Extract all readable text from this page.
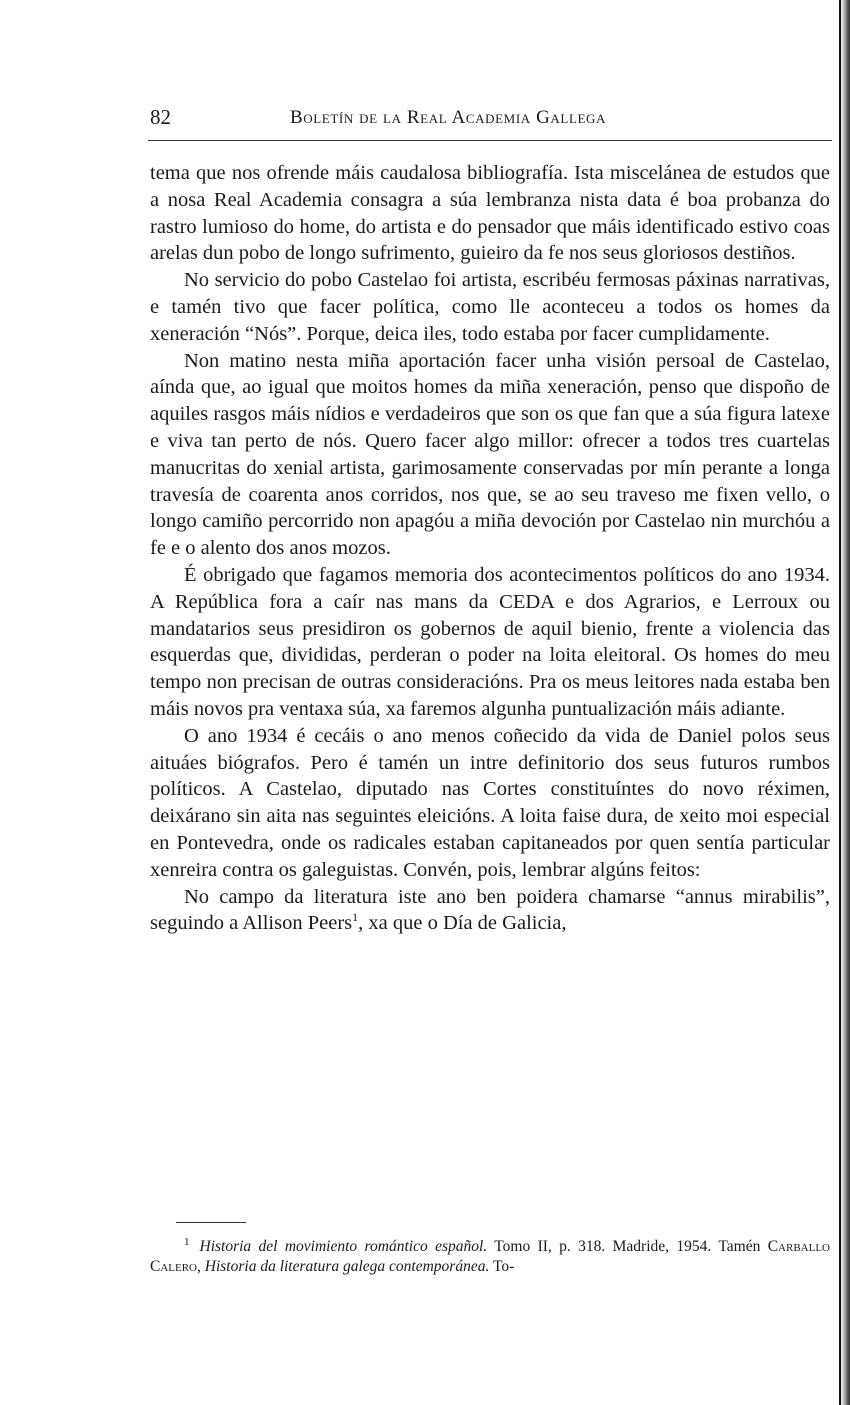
82	Boletín de la Real Academia Gallega

tema que nos ofrende máis caudalosa bibliografía. Ista miscelánea de estudos que a nosa Real Academia consagra a súa lembranza nista data é boa probanza do rastro lumioso do home, do artista e do pensador que máis identificado estivo coas arelas dun pobo de longo sufrimento, guieiro da fe nos seus gloriosos destiños.

No servicio do pobo Castelao foi artista, escribéu fermosas páxinas narrativas, e tamén tivo que facer política, como lle aconteceu a todos os homes da xeneración “Nós”. Porque, deica iles, todo estaba por facer cumplidamente.

Non matino nesta miña aportación facer unha visión persoal de Castelao, aínda que, ao igual que moitos homes da miña xeneración, penso que dispoño de aquiles rasgos máis nídios e verdadeiros que son os que fan que a súa figura latexe e viva tan perto de nós. Quero facer algo millor: ofrecer a todos tres cuartelas manucritas do xenial artista, garimosamente conservadas por mín perante a longa travesía de coarenta anos corridos, nos que, se ao seu traveso me fixen vello, o longo camiño percorrido non apagóu a miña devoción por Castelao nin murchóu a fe e o alento dos anos mozos.

É obrigado que fagamos memoria dos acontecimentos políticos do ano 1934. A República fora a caír nas mans da CEDA e dos Agrarios, e Lerroux ou mandatarios seus presidiron os gobernos de aquil bienio, frente a violencia das esquerdas que, divididas, perderan o poder na loita eleitoral. Os homes do meu tempo non precisan de outras consideracións. Pra os meus leitores nada estaba ben máis novos pra ventaxa súa, xa faremos algunha puntualización máis adiante.

O ano 1934 é cecáis o ano menos coñecido da vida de Daniel polos seus aituáes biógrafos. Pero é tamén un intre definitorio dos seus futuros rumbos políticos. A Castelao, diputado nas Cortes constituíntes do novo réximen, deixárano sin aita nas seguintes eleicións. A loita faise dura, de xeito moi especial en Pontevedra, onde os radicales estaban capitaneados por quen sentía particular xenreira contra os galeguistas. Convén, pois, lembrar algúns feitos:

No campo da literatura iste ano ben poidera chamarse “annus mirabilis”, seguindo a Allison Peers$^1$, xa que o Día de Galicia,

$^1$ Historia del movimiento romántico español. Tomo II, p. 318. Madride, 1954. Tamén Carballo Calero, Historia da literatura galega contemporánea. To-
